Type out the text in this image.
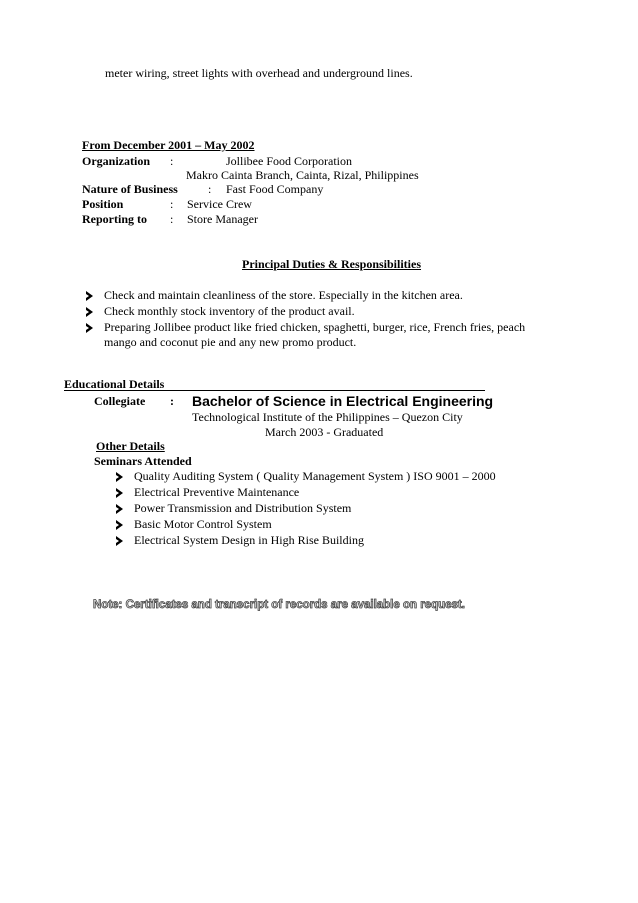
meter wiring, street lights with overhead and underground lines.
From December 2001 – May 2002
Organization :	Jollibee Food Corporation
Makro Cainta Branch, Cainta, Rizal, Philippines
Nature of Business	: Fast Food Company
Position	: Service Crew
Reporting to : Store Manager
Principal Duties & Responsibilities
Check and maintain cleanliness of the store. Especially in the kitchen area.
Check monthly stock inventory of the product avail.
Preparing Jollibee product like fried chicken, spaghetti, burger, rice, French fries, peach
mango and coconut pie and any new promo product.
Educational Details
Collegiate : Bachelor of Science in Electrical Engineering
Technological Institute of the Philippines – Quezon City
March 2003 - Graduated
Other Details
Seminars Attended
Quality Auditing System ( Quality Management System ) ISO 9001 – 2000
Electrical Preventive Maintenance
Power Transmission and Distribution System
Basic Motor Control System
Electrical System Design in High Rise Building
Note: Certificates and transcript of records are available on request.
